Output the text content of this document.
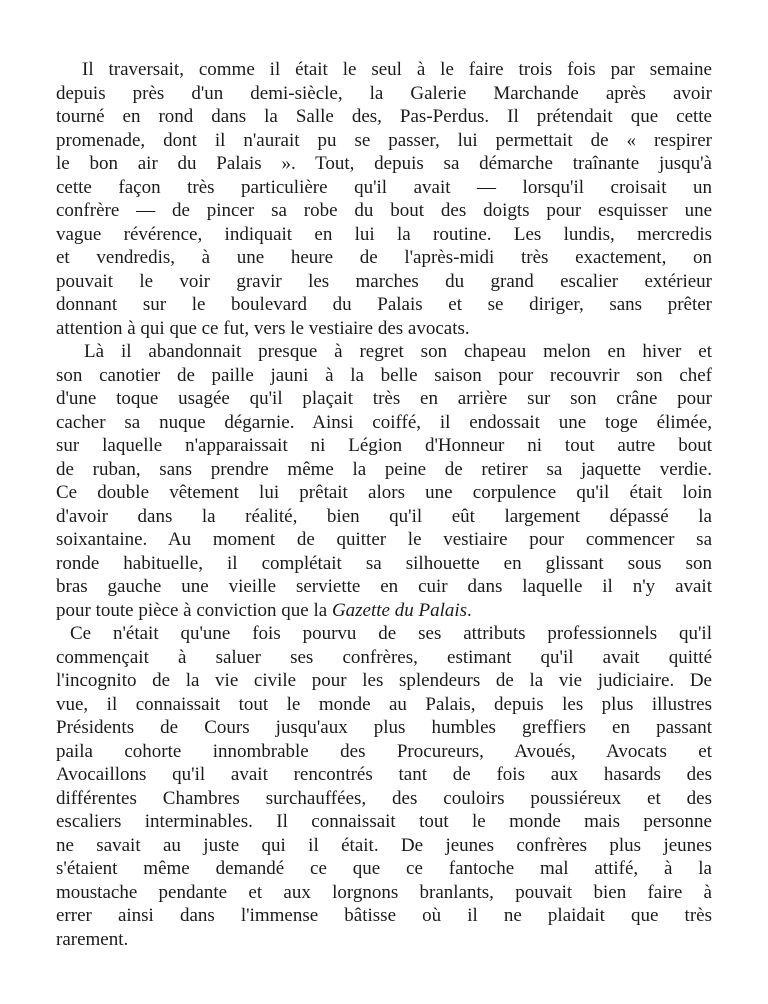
Il traversait, comme il était le seul à le faire trois fois par semaine
depuis près d'un demi-siècle, la Galerie Marchande après avoir
tourné en rond dans la Salle des, Pas-Perdus. Il prétendait que cette
promenade, dont il n'aurait pu se passer, lui permettait de « respirer
le bon air du Palais ». Tout, depuis sa démarche traînante jusqu'à
cette façon très particulière qu'il avait — lorsqu'il croisait un
confrère — de pincer sa robe du bout des doigts pour esquisser une
vague révérence, indiquait en lui la routine. Les lundis, mercredis
et vendredis, à une heure de l'après-midi très exactement, on
pouvait le voir gravir les marches du grand escalier extérieur
donnant sur le boulevard du Palais et se diriger, sans prêter
attention à qui que ce fut, vers le vestiaire des avocats.

Là il abandonnait presque à regret son chapeau melon en hiver et
son canotier de paille jauni à la belle saison pour recouvrir son chef
d'une toque usagée qu'il plaçait très en arrière sur son crâne pour
cacher sa nuque dégarnie. Ainsi coiffé, il endossait une toge élimée,
sur laquelle n'apparaissait ni Légion d'Honneur ni tout autre bout
de ruban, sans prendre même la peine de retirer sa jaquette verdie.
Ce double vêtement lui prêtait alors une corpulence qu'il était loin
d'avoir dans la réalité, bien qu'il eût largement dépassé la
soixantaine. Au moment de quitter le vestiaire pour commencer sa
ronde habituelle, il complétait sa silhouette en glissant sous son
bras gauche une vieille serviette en cuir dans laquelle il n'y avait
pour toute pièce à conviction que la Gazette du Palais.

Ce n'était qu'une fois pourvu de ses attributs professionnels qu'il
commençait à saluer ses confrères, estimant qu'il avait quitté
l'incognito de la vie civile pour les splendeurs de la vie judiciaire. De
vue, il connaissait tout le monde au Palais, depuis les plus illustres
Présidents de Cours jusqu'aux plus humbles greffiers en passant
paila cohorte innombrable des Procureurs, Avoués, Avocats et
Avocaillons qu'il avait rencontrés tant de fois aux hasards des
différentes Chambres surchauffées, des couloirs poussiéreux et des
escaliers interminables. Il connaissait tout le monde mais personne
ne savait au juste qui il était. De jeunes confrères plus jeunes
s'étaient même demandé ce que ce fantoche mal attifé, à la
moustache pendante et aux lorgnons branlants, pouvait bien faire à
errer ainsi dans l'immense bâtisse où il ne plaidait que très
rarement.
